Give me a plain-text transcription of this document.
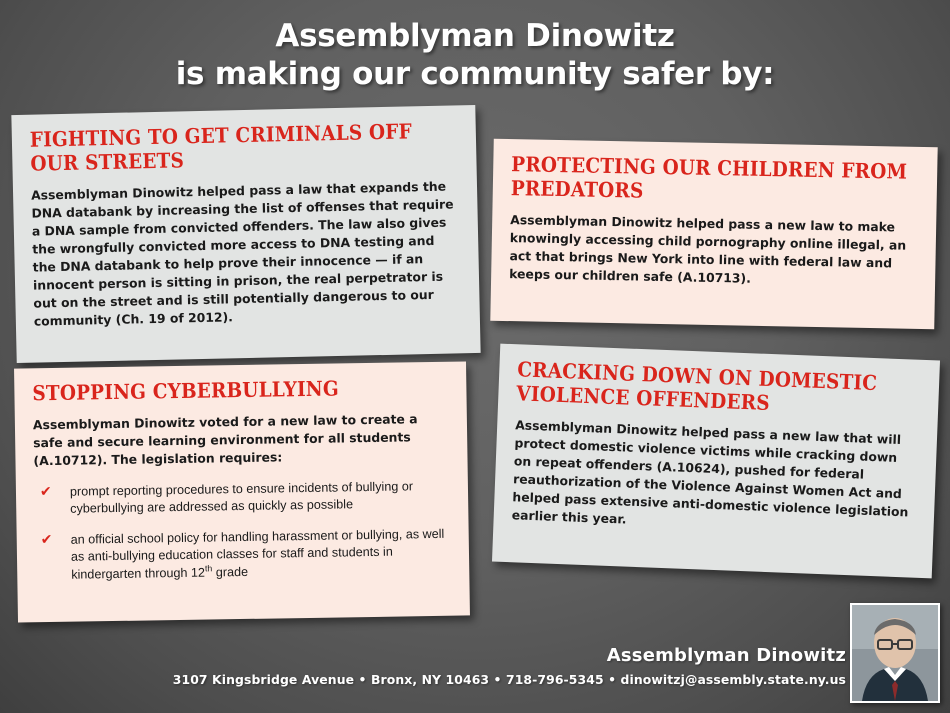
Assemblyman Dinowitz
is making our community safer by:
FIGHTING TO GET CRIMINALS OFF OUR STREETS
Assemblyman Dinowitz helped pass a law that expands the DNA databank by increasing the list of offenses that require a DNA sample from convicted offenders. The law also gives the wrongfully convicted more access to DNA testing and the DNA databank to help prove their innocence — if an innocent person is sitting in prison, the real perpetrator is out on the street and is still potentially dangerous to our community (Ch. 19 of 2012).
PROTECTING OUR CHILDREN FROM PREDATORS
Assemblyman Dinowitz helped pass a new law to make knowingly accessing child pornography online illegal, an act that brings New York into line with federal law and keeps our children safe (A.10713).
STOPPING CYBERBULLYING
Assemblyman Dinowitz voted for a new law to create a safe and secure learning environment for all students (A.10712). The legislation requires:
✔ prompt reporting procedures to ensure incidents of bullying or cyberbullying are addressed as quickly as possible
✔ an official school policy for handling harassment or bullying, as well as anti-bullying education classes for staff and students in kindergarten through 12th grade
CRACKING DOWN ON DOMESTIC VIOLENCE OFFENDERS
Assemblyman Dinowitz helped pass a new law that will protect domestic violence victims while cracking down on repeat offenders (A.10624), pushed for federal reauthorization of the Violence Against Women Act and helped pass extensive anti-domestic violence legislation earlier this year.
Assemblyman Dinowitz
3107 Kingsbridge Avenue • Bronx, NY 10463 • 718-796-5345 • dinowitzj@assembly.state.ny.us
